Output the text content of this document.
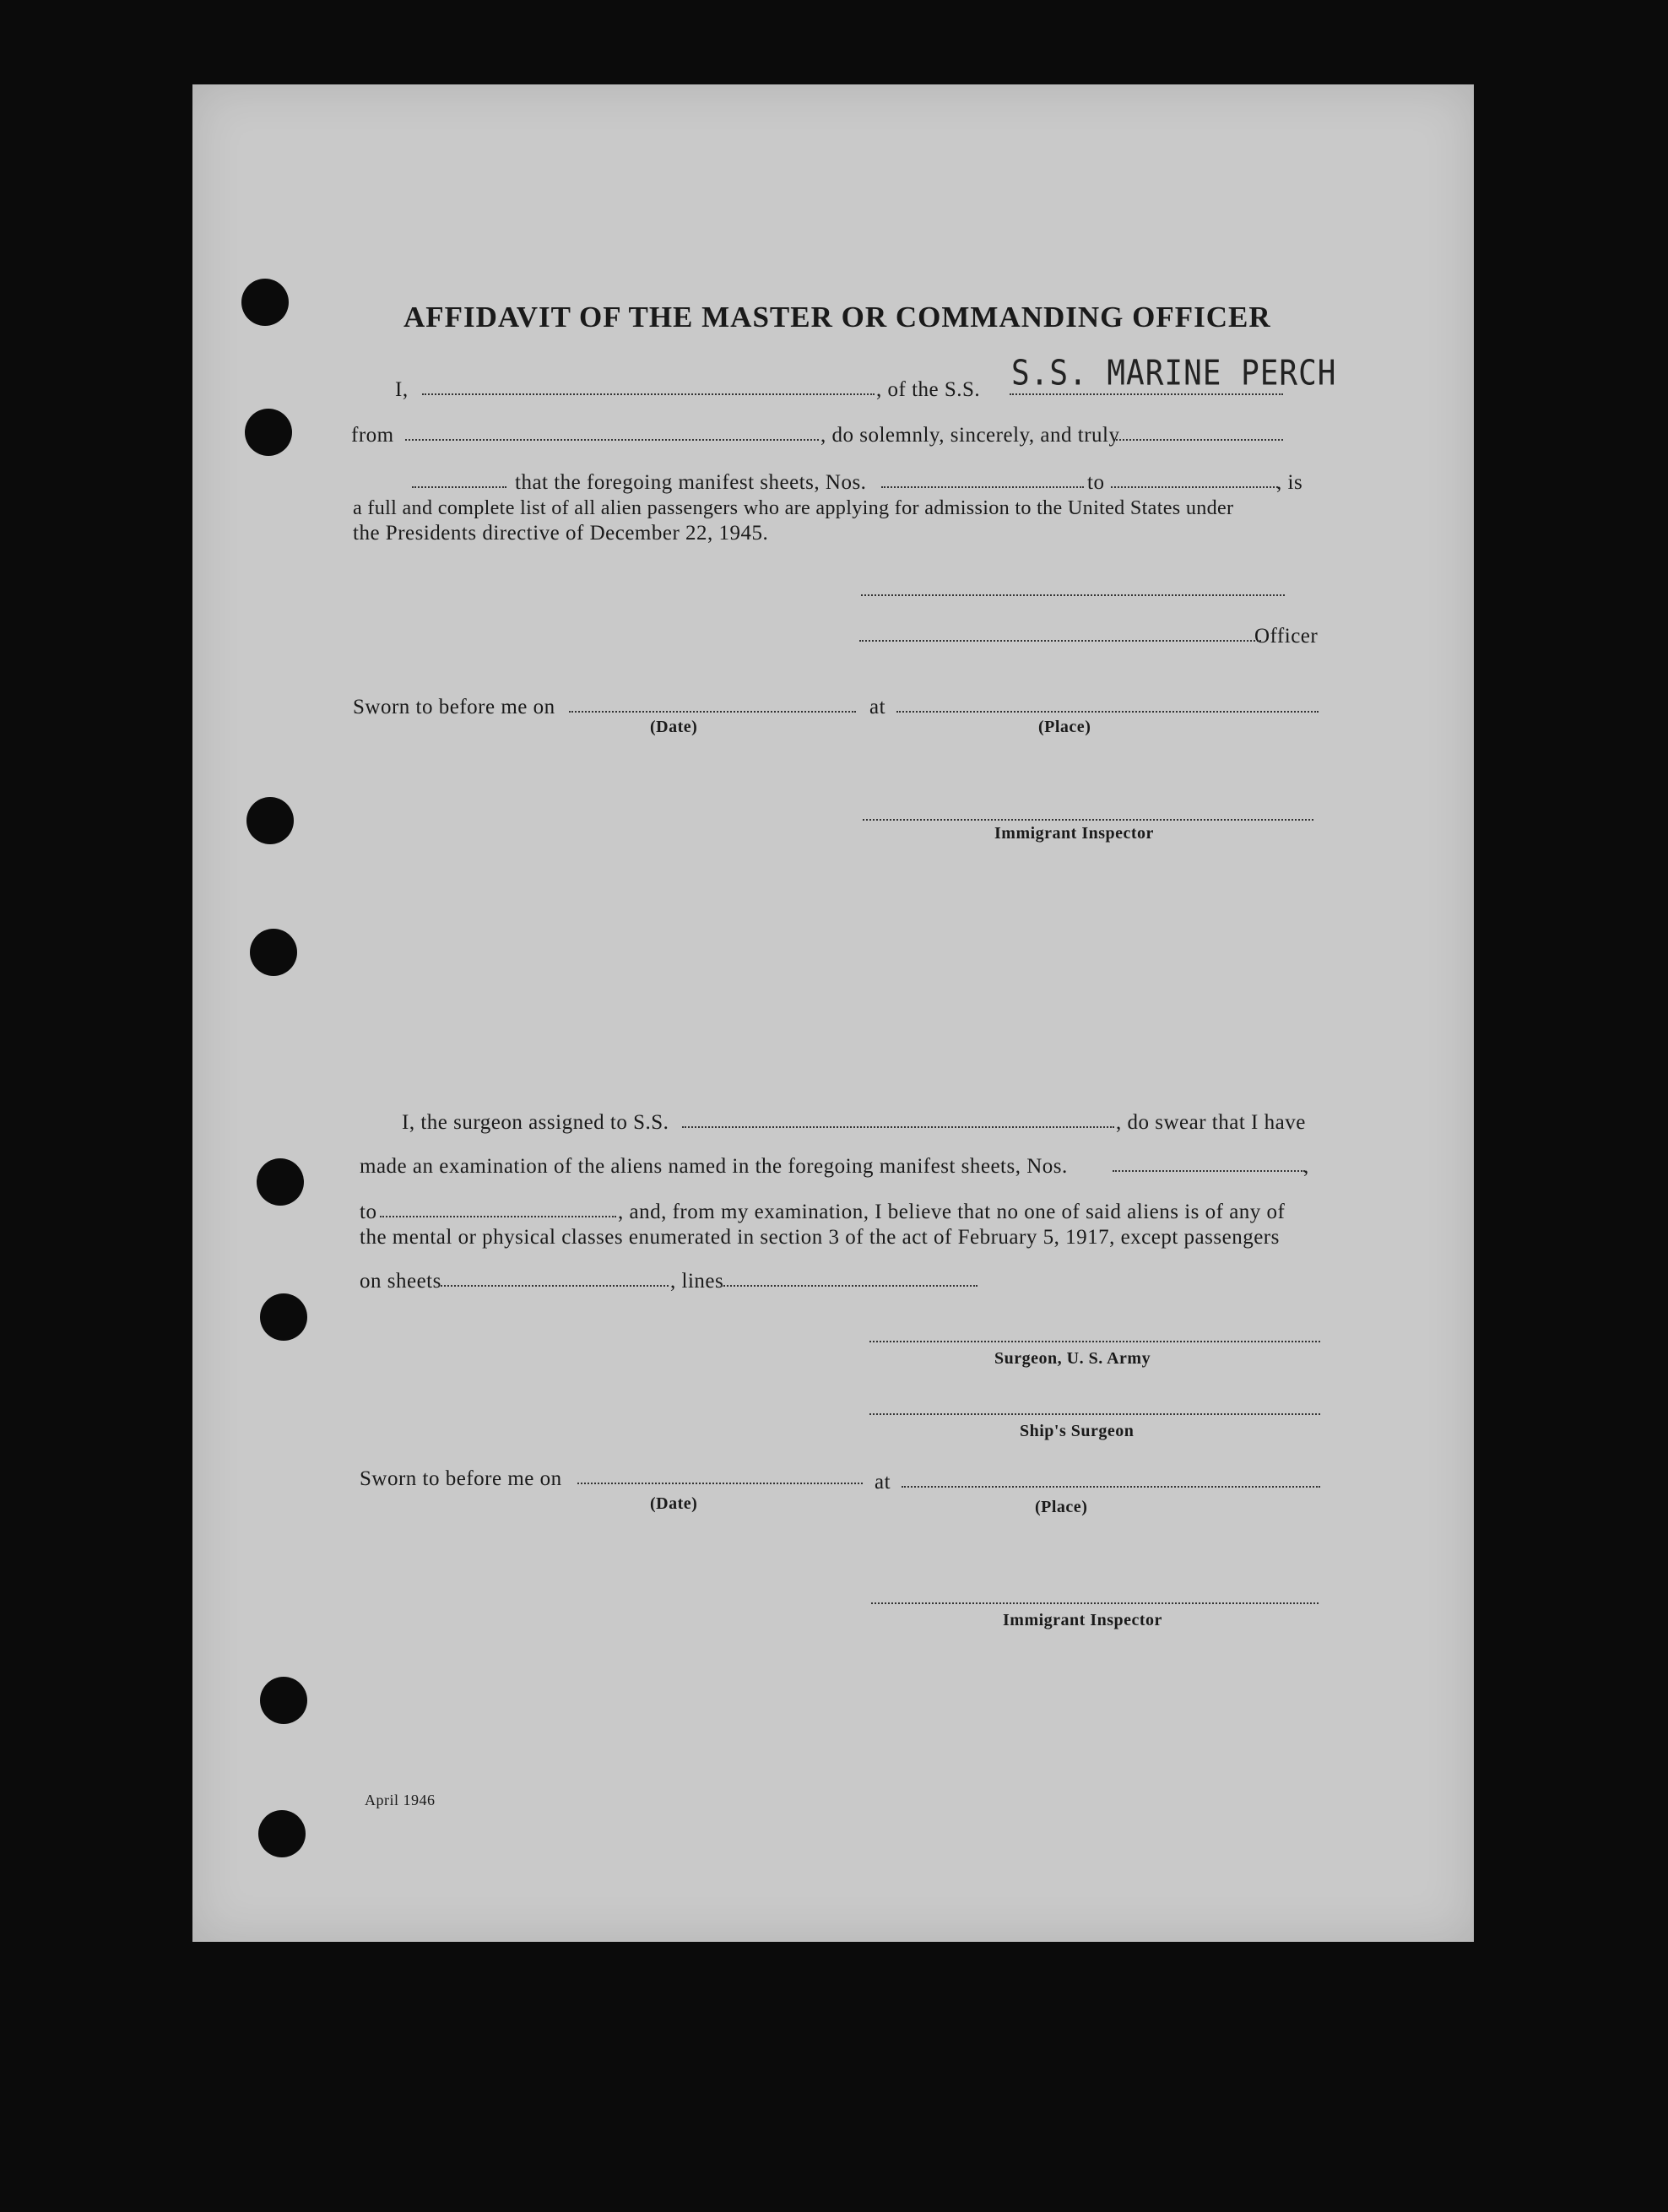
AFFIDAVIT OF THE MASTER OR COMMANDING OFFICER
I,	, of the S.S. S.S. MARINE PERCH
from	, do solemnly, sincerely, and truly
that the foregoing manifest sheets, Nos.	to	, is
a full and complete list of all alien passengers who are applying for admission to the United States under
the Presidents directive of December 22, 1945.
Officer
Sworn to before me on	at
(Date)	(Place)
Immigrant Inspector
I, the surgeon assigned to S.S.	, do swear that I have
made an examination of the aliens named in the foregoing manifest sheets, Nos.	,
to	, and, from my examination, I believe that no one of said aliens is of any of
the mental or physical classes enumerated in section 3 of the act of February 5, 1917, except passengers
on sheets	, lines
Surgeon, U. S. Army
Ship's Surgeon
Sworn to before me on	at
(Date)	(Place)
Immigrant Inspector
April 1946
